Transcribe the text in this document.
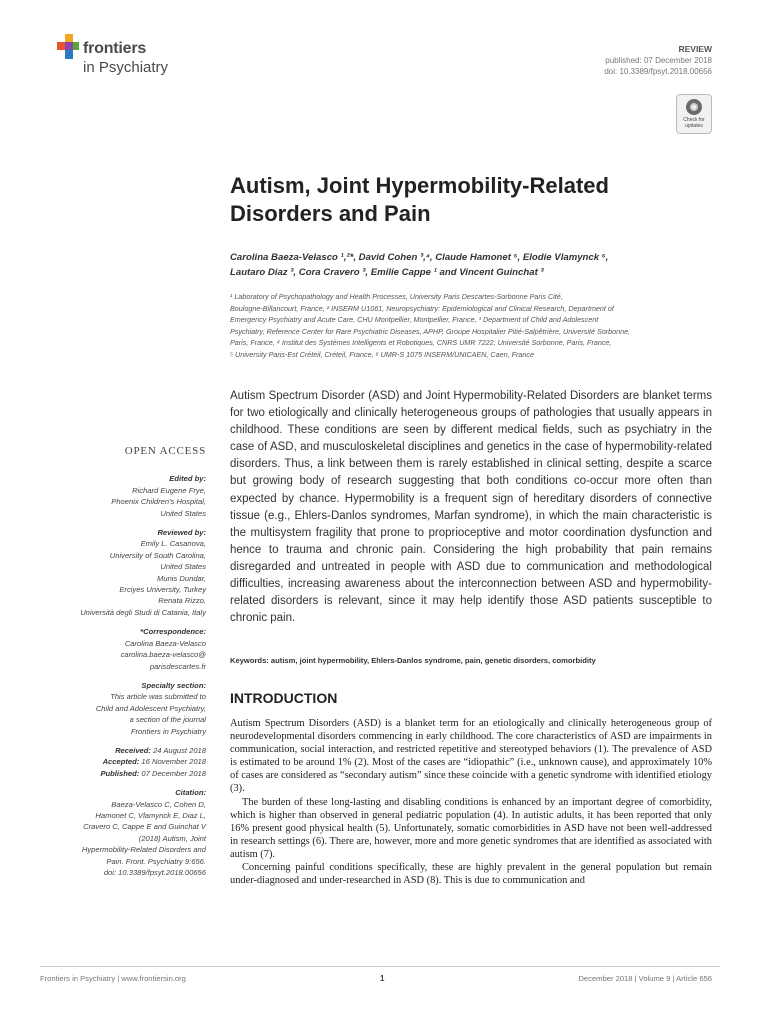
frontiers
in Psychiatry
REVIEW
published: 07 December 2018
doi: 10.3389/fpsyt.2018.00656
Check for updates
Autism, Joint Hypermobility-Related
Disorders and Pain
Carolina Baeza-Velasco ¹,²*, David Cohen ³,⁴, Claude Hamonet ⁵, Elodie Vlamynck ⁶,
Lautaro Diaz ³, Cora Cravero ³, Emilie Cappe ¹ and Vincent Guinchat ³
¹ Laboratory of Psychopathology and Health Processes, University Paris Descartes-Sorbonne Paris Cité,
Boulogne-Billancourt, France, ² INSERM U1061, Neuropsychiatry: Epidemiological and Clinical Research, Department of
Emergency Psychiatry and Acute Care, CHU Montpellier, Montpellier, France, ³ Department of Child and Adolescent
Psychiatry, Reference Center for Rare Psychiatric Diseases, APHP, Groupe Hospitalier Pitié-Salpêtrière, Université Sorbonne,
Paris, France, ⁴ Institut des Systèmes Intelligents et Robotiques, CNRS UMR 7222, Université Sorbonne, Paris, France,
⁵ University Paris-Est Créteil, Créteil, France, ⁶ UMR-S 1075 INSERM/UNICAEN, Caen, France
Autism Spectrum Disorder (ASD) and Joint Hypermobility-Related Disorders are blanket terms for two etiologically and clinically heterogeneous groups of pathologies that usually appears in childhood. These conditions are seen by different medical fields, such as psychiatry in the case of ASD, and musculoskeletal disciplines and genetics in the case of hypermobility-related disorders. Thus, a link between them is rarely established in clinical setting, despite a scarce but growing body of research suggesting that both conditions co-occur more often than expected by chance. Hypermobility is a frequent sign of hereditary disorders of connective tissue (e.g., Ehlers-Danlos syndromes, Marfan syndrome), in which the main characteristic is the multisystem fragility that prone to proprioceptive and motor coordination dysfunction and hence to trauma and chronic pain. Considering the high probability that pain remains disregarded and untreated in people with ASD due to communication and methodological difficulties, increasing awareness about the interconnection between ASD and hypermobility-related disorders is relevant, since it may help identify those ASD patients susceptible to chronic pain.
Keywords: autism, joint hypermobility, Ehlers-Danlos syndrome, pain, genetic disorders, comorbidity
INTRODUCTION

Autism Spectrum Disorders (ASD) is a blanket term for an etiologically and clinically heterogeneous group of neurodevelopmental disorders commencing in early childhood. The core characteristics of ASD are impairments in communication, social interaction, and restricted repetitive and stereotyped behaviors (1). The prevalence of ASD is estimated to be around 1% (2). Most of the cases are “idiopathic” (i.e., unknown cause), and approximately 10% of cases are considered as “secondary autism” since these coincide with a genetic syndrome with identified etiology (3).

The burden of these long-lasting and disabling conditions is enhanced by an important degree of comorbidity, which is higher than observed in general pediatric population (4). In autistic adults, it has been reported that only 16% present good physical health (5). Unfortunately, somatic comorbidities in ASD have not been well-addressed in research settings (6). There are, however, more and more genetic syndromes that are identified as associated with autism (7).

Concerning painful conditions specifically, these are highly prevalent in the general population but remain under-diagnosed and under-researched in ASD (8). This is due to communication and

OPEN ACCESS
Edited by:
Richard Eugene Frye,
Phoenix Children's Hospital,
United States
Reviewed by:
Emily L. Casanova,
University of South Carolina,
United States
Munis Dundar,
Erciyes University, Turkey
Renata Rizzo,
Università degli Studi di Catania, Italy
*Correspondence:
Carolina Baeza-Velasco
carolina.baeza-velasco@
parisdescartes.fr
Specialty section:
This article was submitted to
Child and Adolescent Psychiatry,
a section of the journal
Frontiers in Psychiatry
Received: 24 August 2018
Accepted: 16 November 2018
Published: 07 December 2018
Citation:
Baeza-Velasco C, Cohen D,
Hamonet C, Vlamynck E, Diaz L,
Cravero C, Cappe E and Guinchat V
(2018) Autism, Joint
Hypermobility-Related Disorders and
Pain. Front. Psychiatry 9:656.
doi: 10.3389/fpsyt.2018.00656
Frontiers in Psychiatry | www.frontiersin.org	1	December 2018 | Volume 9 | Article 656
